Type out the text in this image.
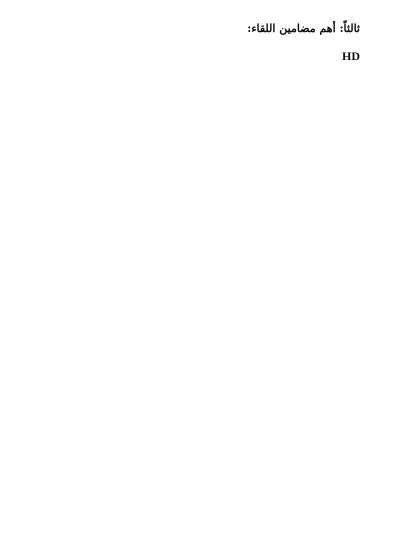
ثالثاً: أهم مضامين اللقاء:

HD
